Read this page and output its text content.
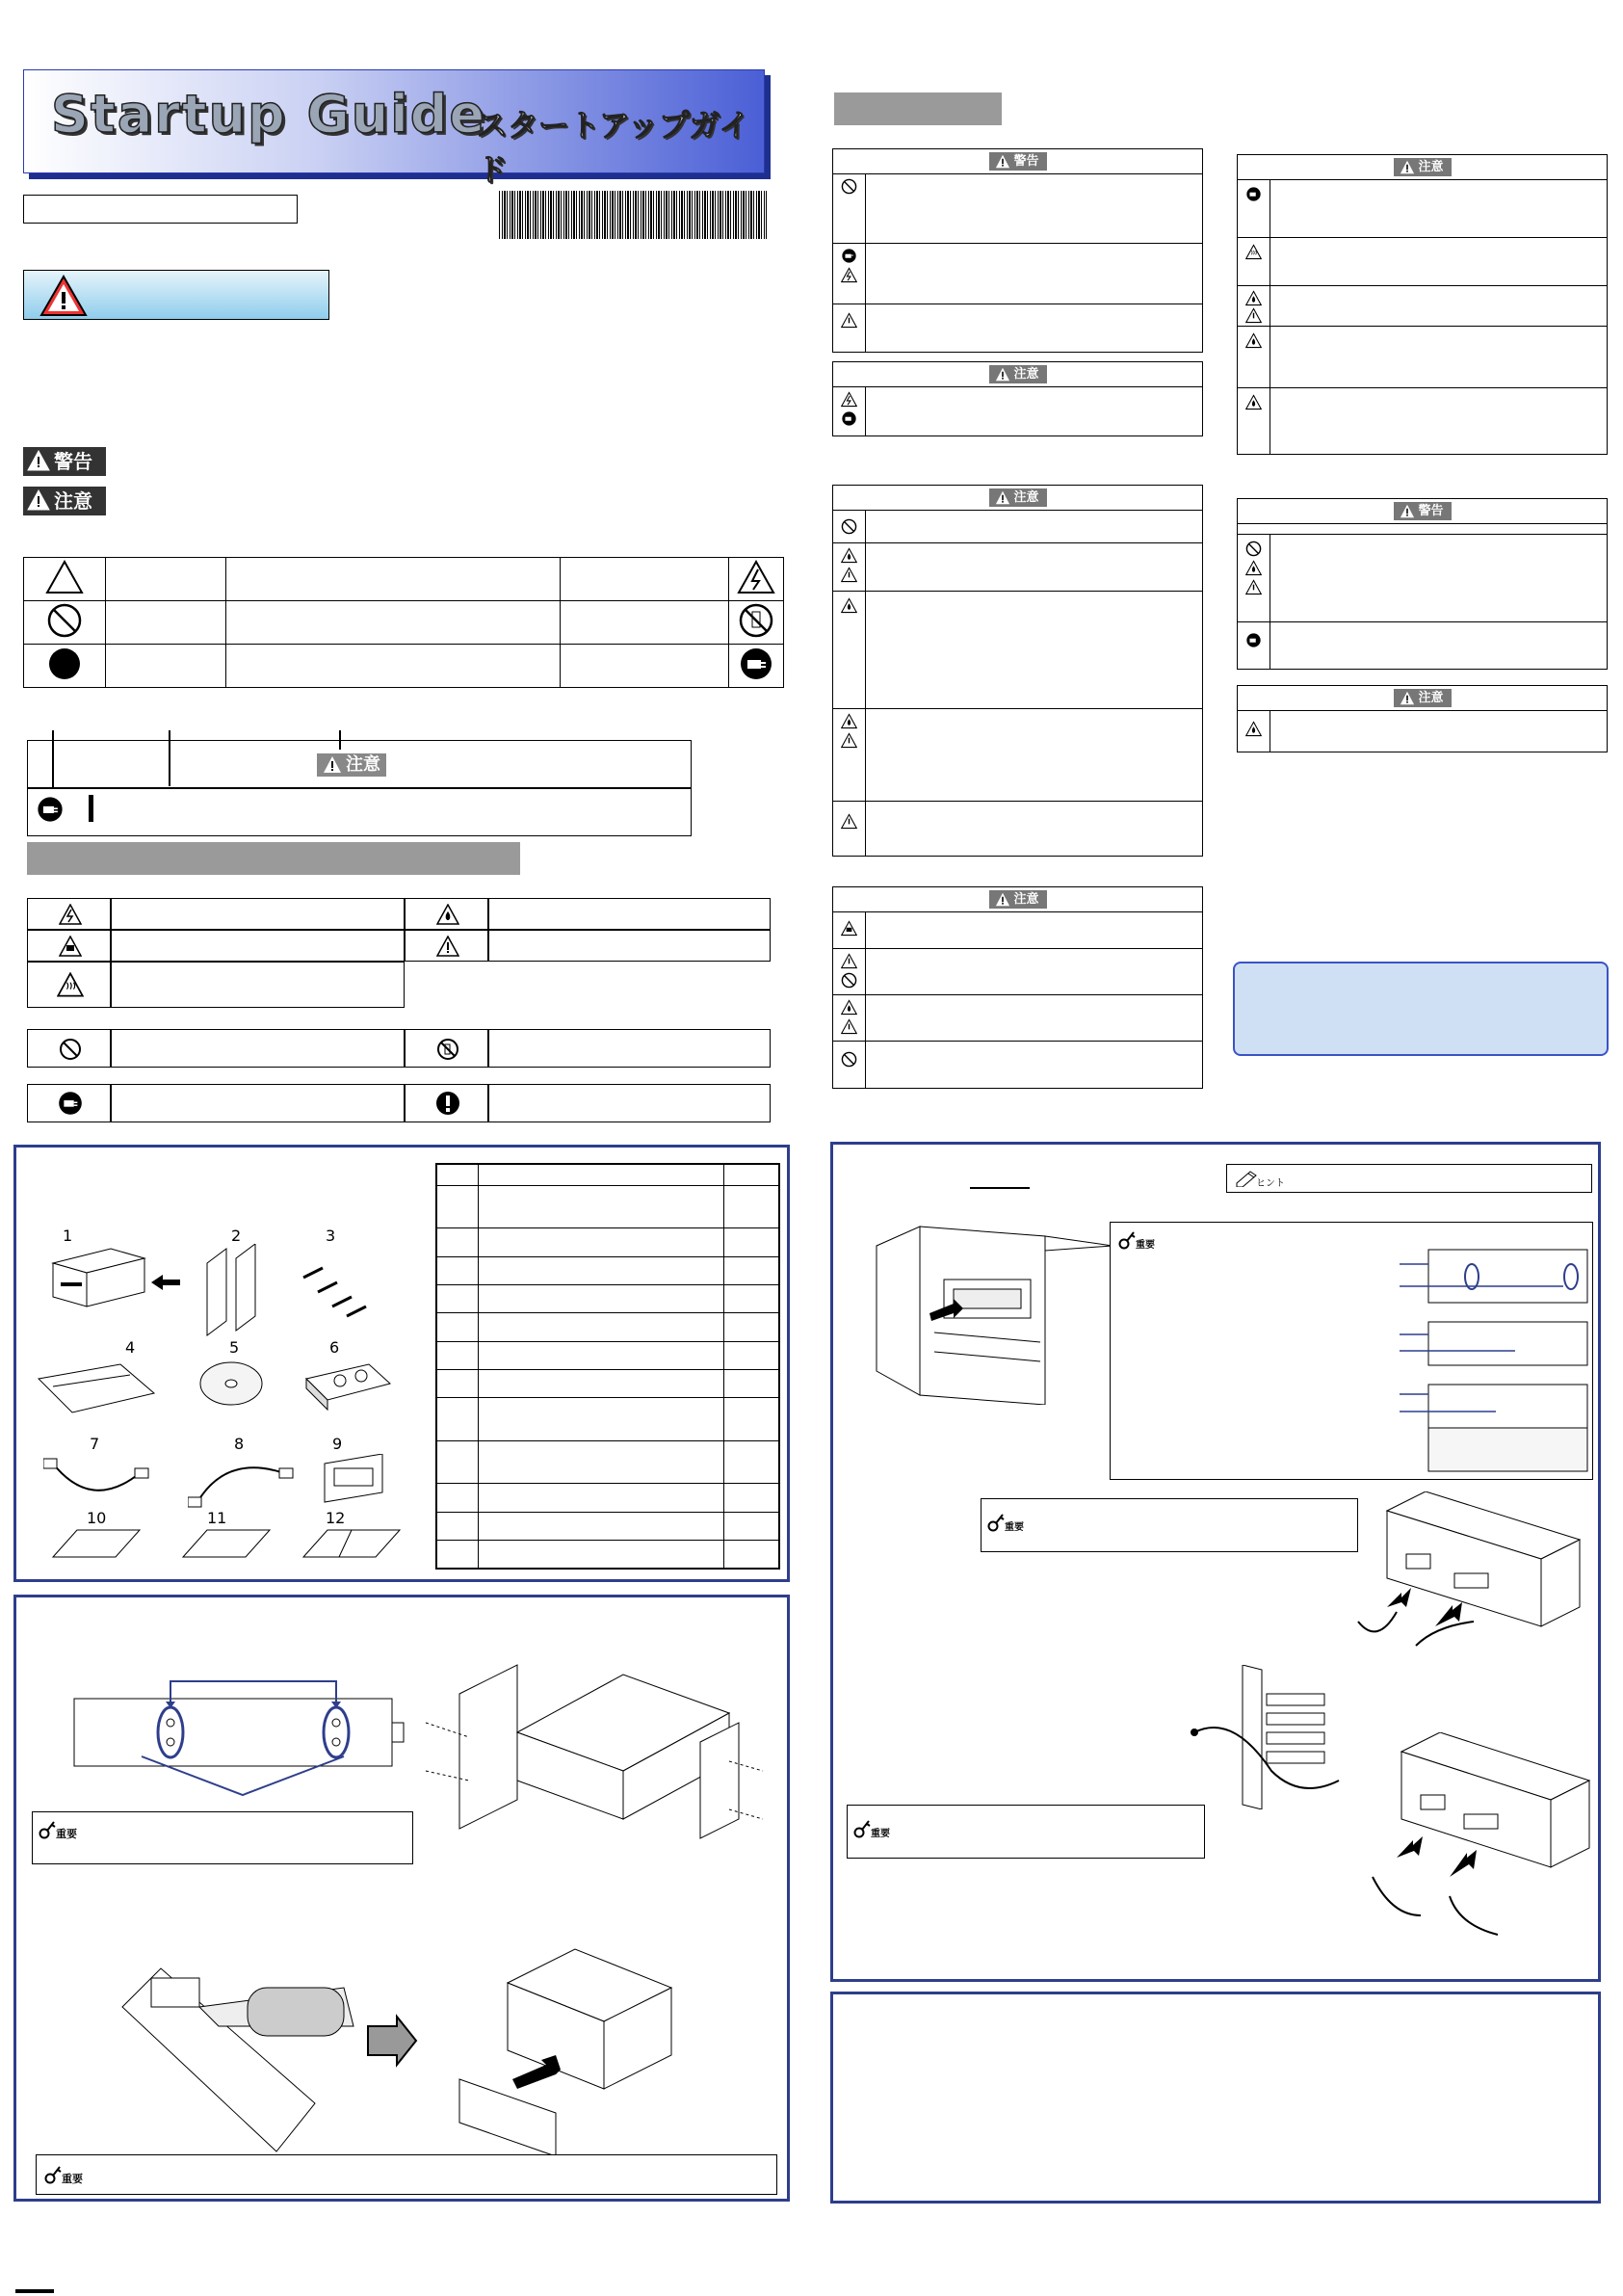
Startup Guide
スタートアップガイド
警告
注意

注意
1	2	3
4	5	6
7	8	9
10	11	12

重要
重要
警告
注意
注意
注意
注意
警告
注意
ヒント
重要
重要
重要
